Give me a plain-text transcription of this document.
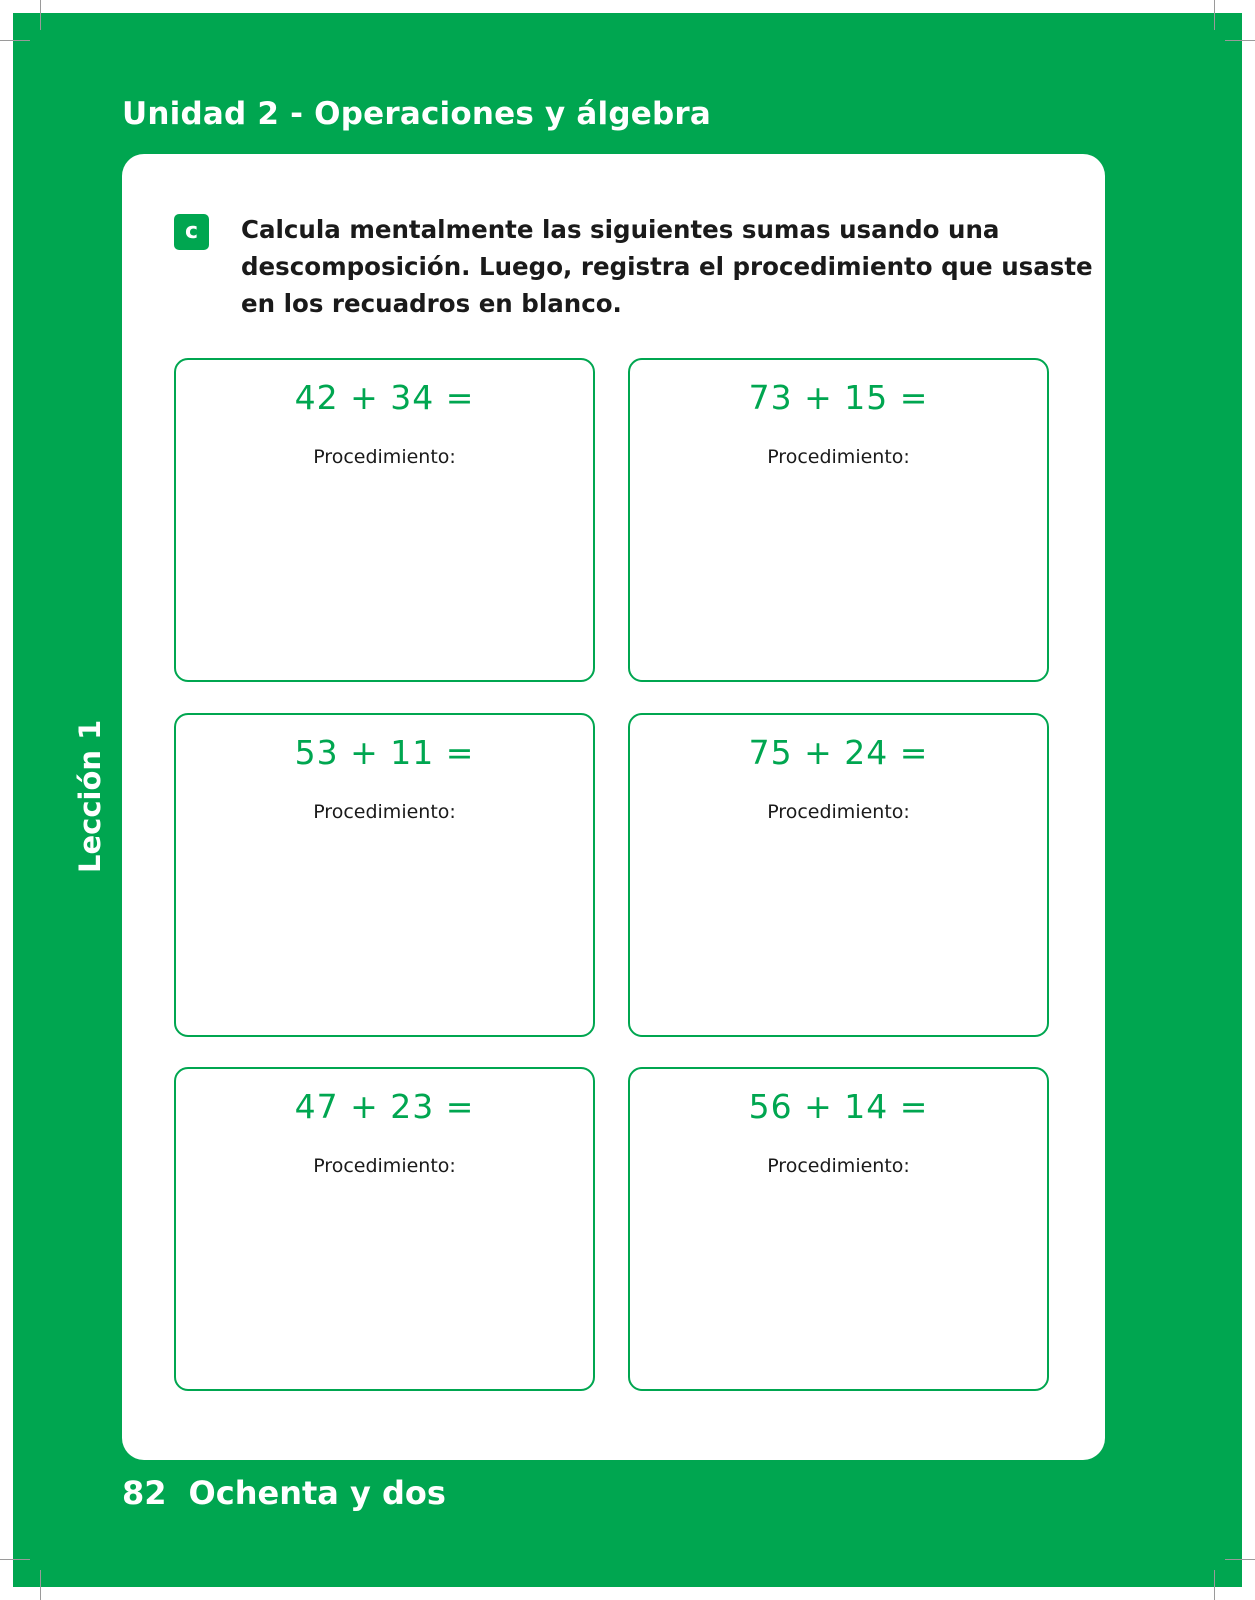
Unidad 2 - Operaciones y álgebra
Lección 1
c	Calcula mentalmente las siguientes sumas usando una
descomposición. Luego, registra el procedimiento que usaste
en los recuadros en blanco.
42 + 34 =
Procedimiento:
73 + 15 =
Procedimiento:
53 + 11 =
Procedimiento:
75 + 24 =
Procedimiento:
47 + 23 =
Procedimiento:
56 + 14 =
Procedimiento:
82 Ochenta y dos
